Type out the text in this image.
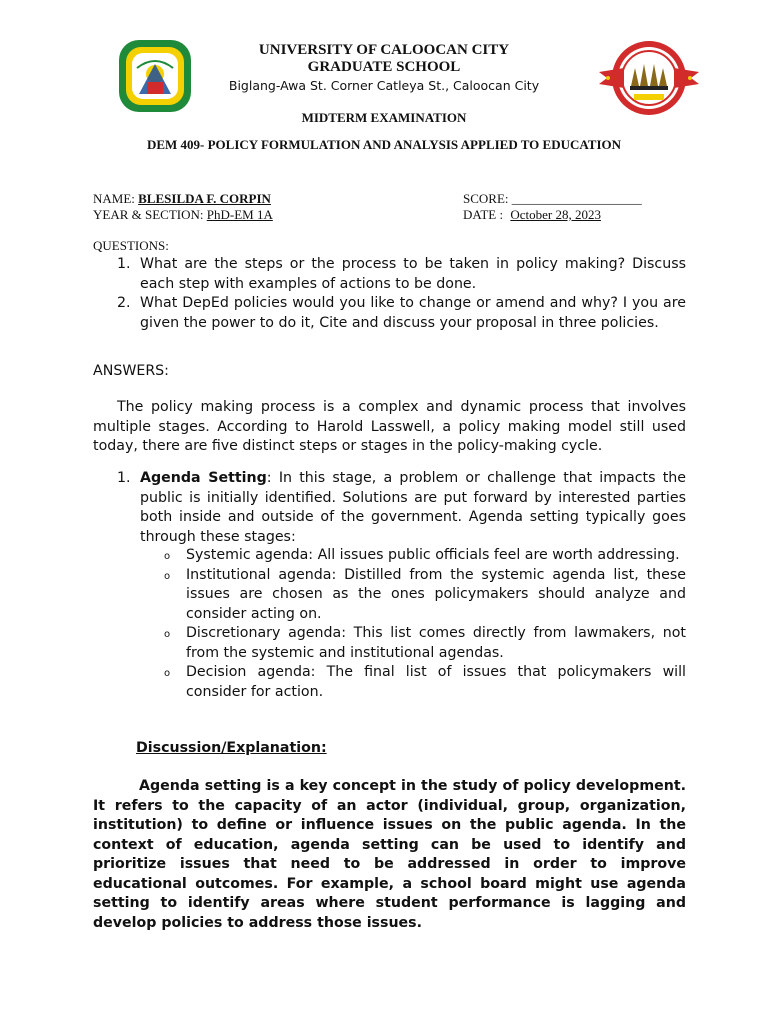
UNIVERSITY OF CALOOCAN CITY
GRADUATE SCHOOL
Biglang-Awa St. Corner Catleya St., Caloocan City
MIDTERM EXAMINATION
DEM 409- POLICY FORMULATION AND ANALYSIS APPLIED TO EDUCATION
NAME: BLESILDA F. CORPIN
YEAR & SECTION: PhD-EM 1A
SCORE: ____________________
DATE : October 28, 2023
QUESTIONS:
1. What are the steps or the process to be taken in policy making? Discuss each step with examples of actions to be done.
2. What DepEd policies would you like to change or amend and why? I you are given the power to do it, Cite and discuss your proposal in three policies.
ANSWERS:
The policy making process is a complex and dynamic process that involves multiple stages. According to Harold Lasswell, a policy making model still used today, there are five distinct steps or stages in the policy-making cycle.
1. Agenda Setting: In this stage, a problem or challenge that impacts the public is initially identified. Solutions are put forward by interested parties both inside and outside of the government. Agenda setting typically goes through these stages:
o Systemic agenda: All issues public officials feel are worth addressing.
o Institutional agenda: Distilled from the systemic agenda list, these issues are chosen as the ones policymakers should analyze and consider acting on.
o Discretionary agenda: This list comes directly from lawmakers, not from the systemic and institutional agendas.
o Decision agenda: The final list of issues that policymakers will consider for action.
Discussion/Explanation:
Agenda setting is a key concept in the study of policy development. It refers to the capacity of an actor (individual, group, organization, institution) to define or influence issues on the public agenda. In the context of education, agenda setting can be used to identify and prioritize issues that need to be addressed in order to improve educational outcomes. For example, a school board might use agenda setting to identify areas where student performance is lagging and develop policies to address those issues.
